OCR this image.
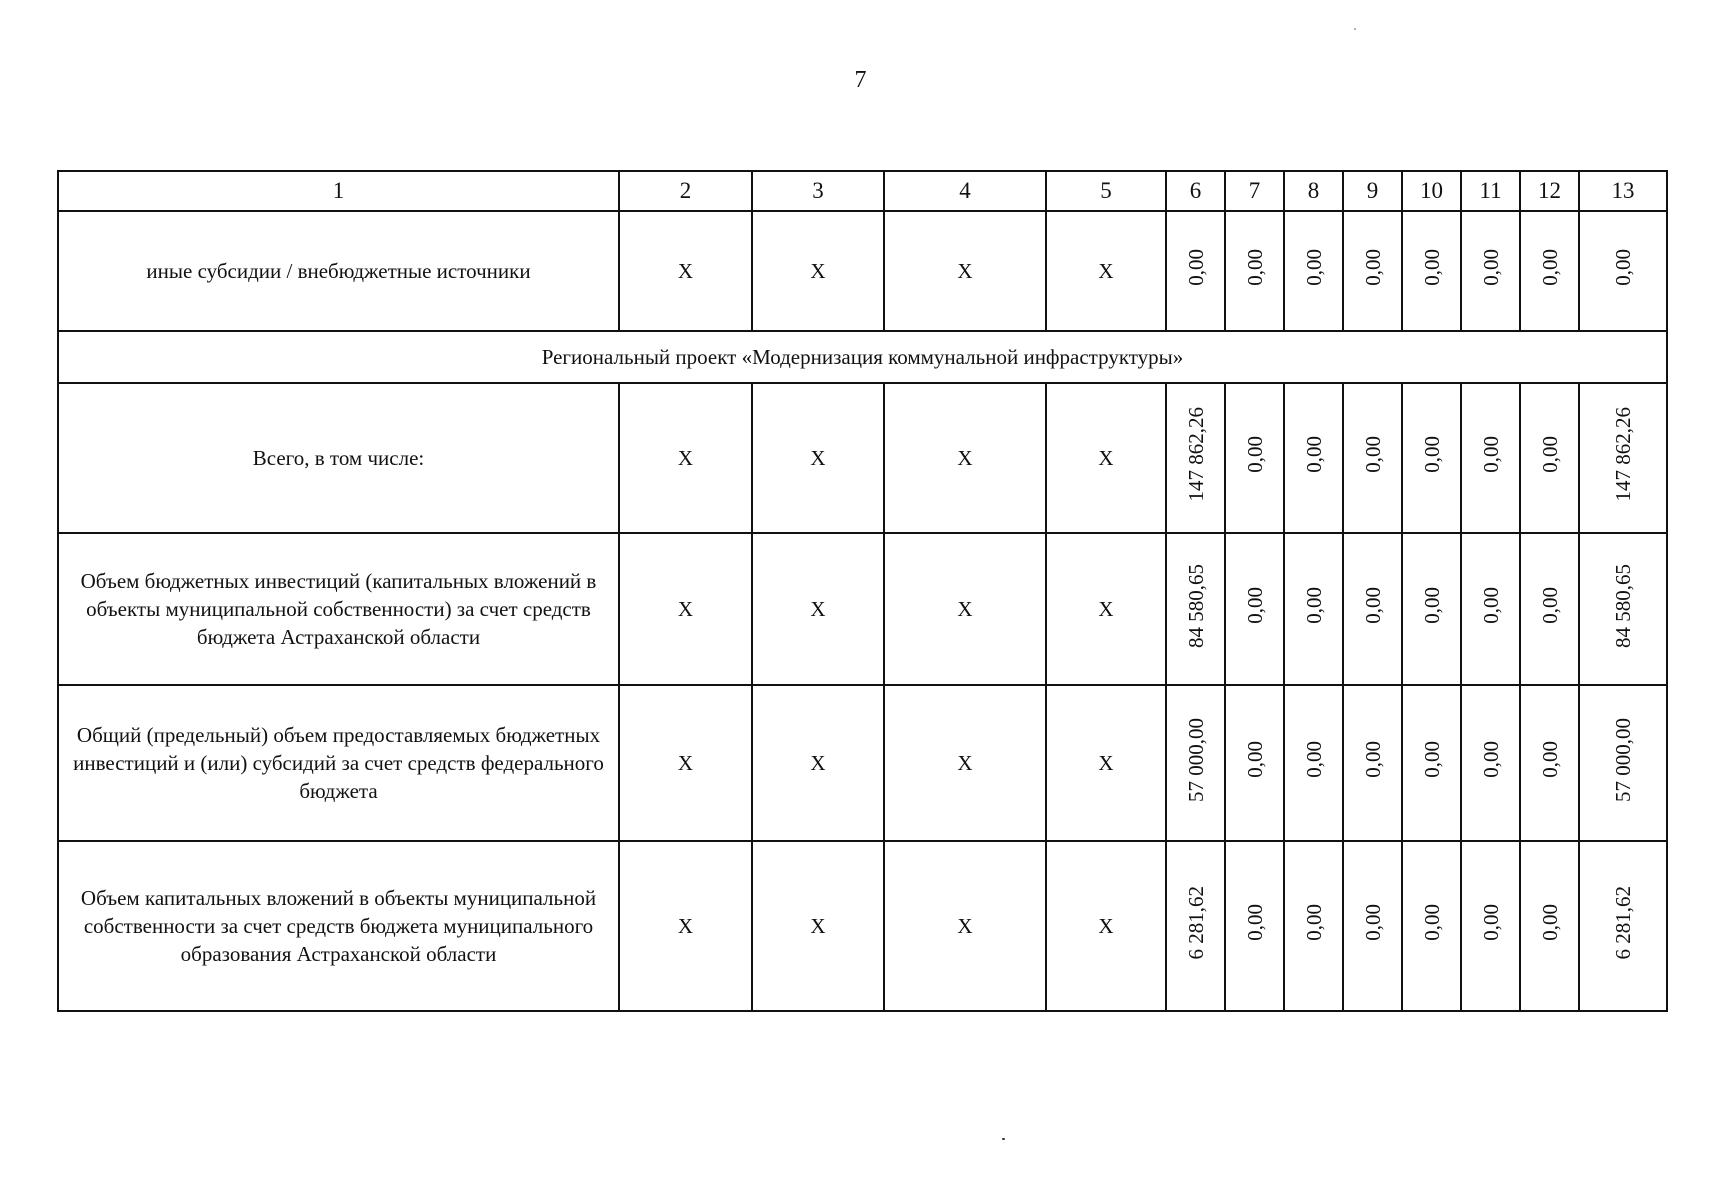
7
1	2	3	4	5	6	7	8	9	10	11	12	13
иные субсидии / внебюджетные источники	X	X	X	X	0,00	0,00	0,00	0,00	0,00	0,00	0,00	0,00
Региональный проект «Модернизация коммунальной инфраструктуры»												
Всего, в том числе:	X	X	X	X	147 862,26	0,00	0,00	0,00	0,00	0,00	0,00	147 862,26
Объем бюджетных инвестиций (капитальных вложений в объекты муниципальной собственности) за счет средств бюджета Астраханской области	X	X	X	X	84 580,65	0,00	0,00	0,00	0,00	0,00	0,00	84 580,65
Общий (предельный) объем предоставляемых бюджетных инвестиций и (или) субсидий за счет средств федерального бюджета	X	X	X	X	57 000,00	0,00	0,00	0,00	0,00	0,00	0,00	57 000,00
Объем капитальных вложений в объекты муниципальной собственности за счет средств бюджета муниципального образования Астраханской области	X	X	X	X	6 281,62	0,00	0,00	0,00	0,00	0,00	0,00	6 281,62
